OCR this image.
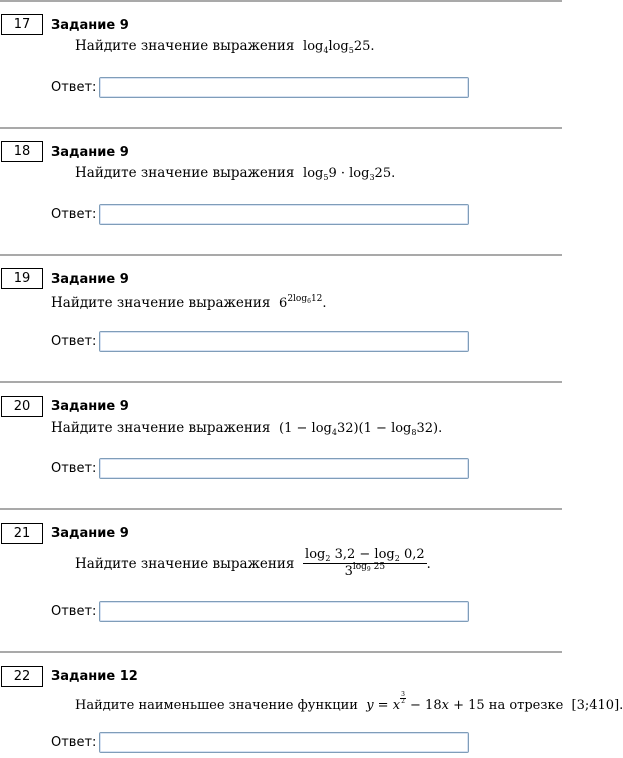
17	Задание 9
Найдите значение выражения $\log_4\log_525$.
Ответ:
18	Задание 9
Найдите значение выражения $\log_59 \cdot \log_325$.
Ответ:
19	Задание 9
Найдите значение выражения $6^{2log_612}$.
Ответ:
20	Задание 9
Найдите значение выражения $(1 - \log_432)(1 - \log_832)$.
Ответ:
21	Задание 9
Найдите значение выражения $\frac{\log_2 3,2 - \log_2 0,2}{3^{log_9 25}}$ .
Ответ:
22	Задание 12
Найдите наименьшее значение функции y = x $\frac{3}{2} - 18x + 15$ на отрезке [3;410].
Ответ:
